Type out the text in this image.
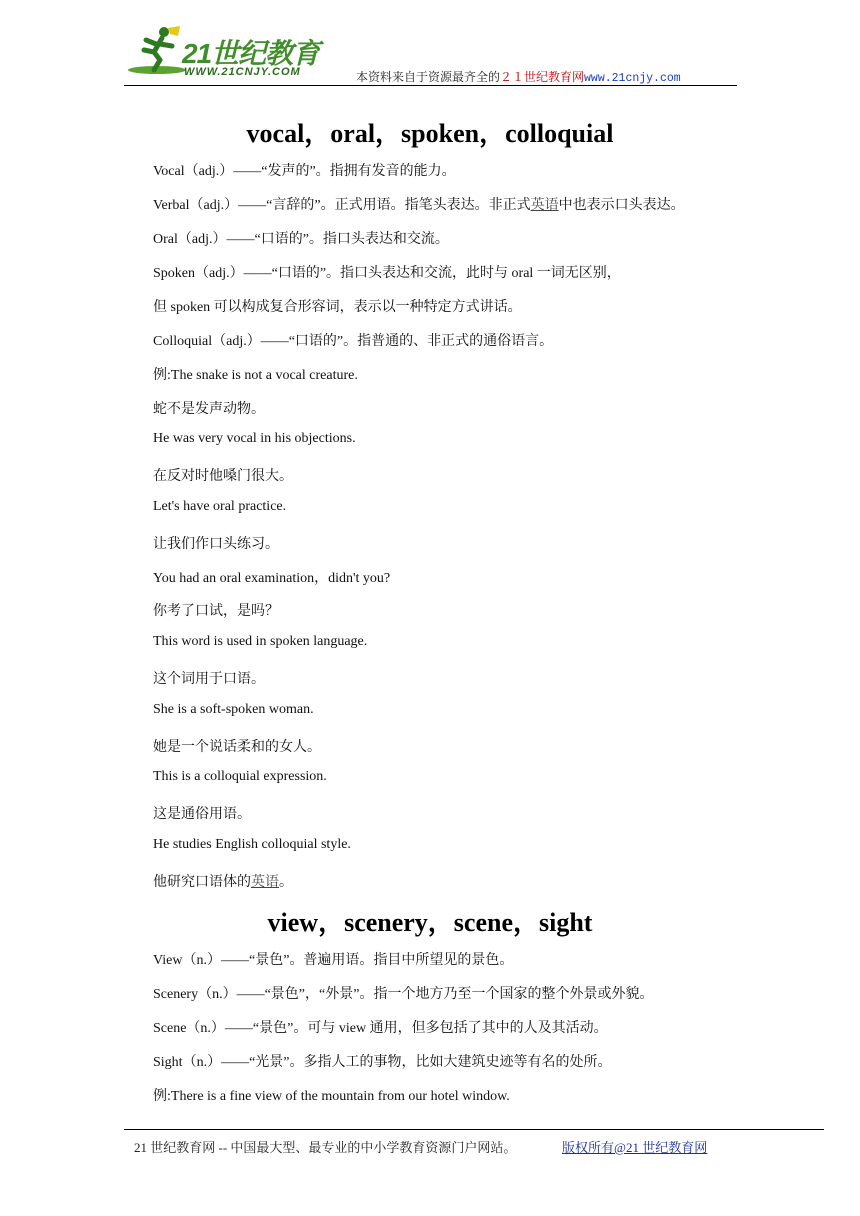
21世纪教育
WWW.21CNJY.COM	本资料来自于资源最齐全的２１世纪教育网www.21cnjy.com
vocal，oral，spoken，colloquial
Vocal（adj.）——“发声的”。指拥有发音的能力。
Verbal（adj.）——“言辞的”。正式用语。指笔头表达。非正式英语中也表示口头表达。
Oral（adj.）——“口语的”。指口头表达和交流。
Spoken（adj.）——“口语的”。指口头表达和交流，此时与 oral 一词无区别，
但 spoken 可以构成复合形容词，表示以一种特定方式讲话。
Colloquial（adj.）——“口语的”。指普通的、非正式的通俗语言。
例:The snake is not a vocal creature.
蛇不是发声动物。
He was very vocal in his objections.
在反对时他嗓门很大。
Let's have oral practice.
让我们作口头练习。
You had an oral examination，didn't you?
你考了口试，是吗？
This word is used in spoken language.
这个词用于口语。
She is a soft-spoken woman.
她是一个说话柔和的女人。
This is a colloquial expression.
这是通俗用语。
He studies English colloquial style.
他研究口语体的英语。
view，scenery，scene，sight
View（n.）——“景色”。普遍用语。指目中所望见的景色。
Scenery（n.）——“景色”，“外景”。指一个地方乃至一个国家的整个外景或外貌。
Scene（n.）——“景色”。可与 view 通用，但多包括了其中的人及其活动。
Sight（n.）——“光景”。多指人工的事物，比如大建筑史迹等有名的处所。
例:There is a fine view of the mountain from our hotel window.
21 世纪教育网 -- 中国最大型、最专业的中小学教育资源门户网站。	版权所有@21 世纪教育网
